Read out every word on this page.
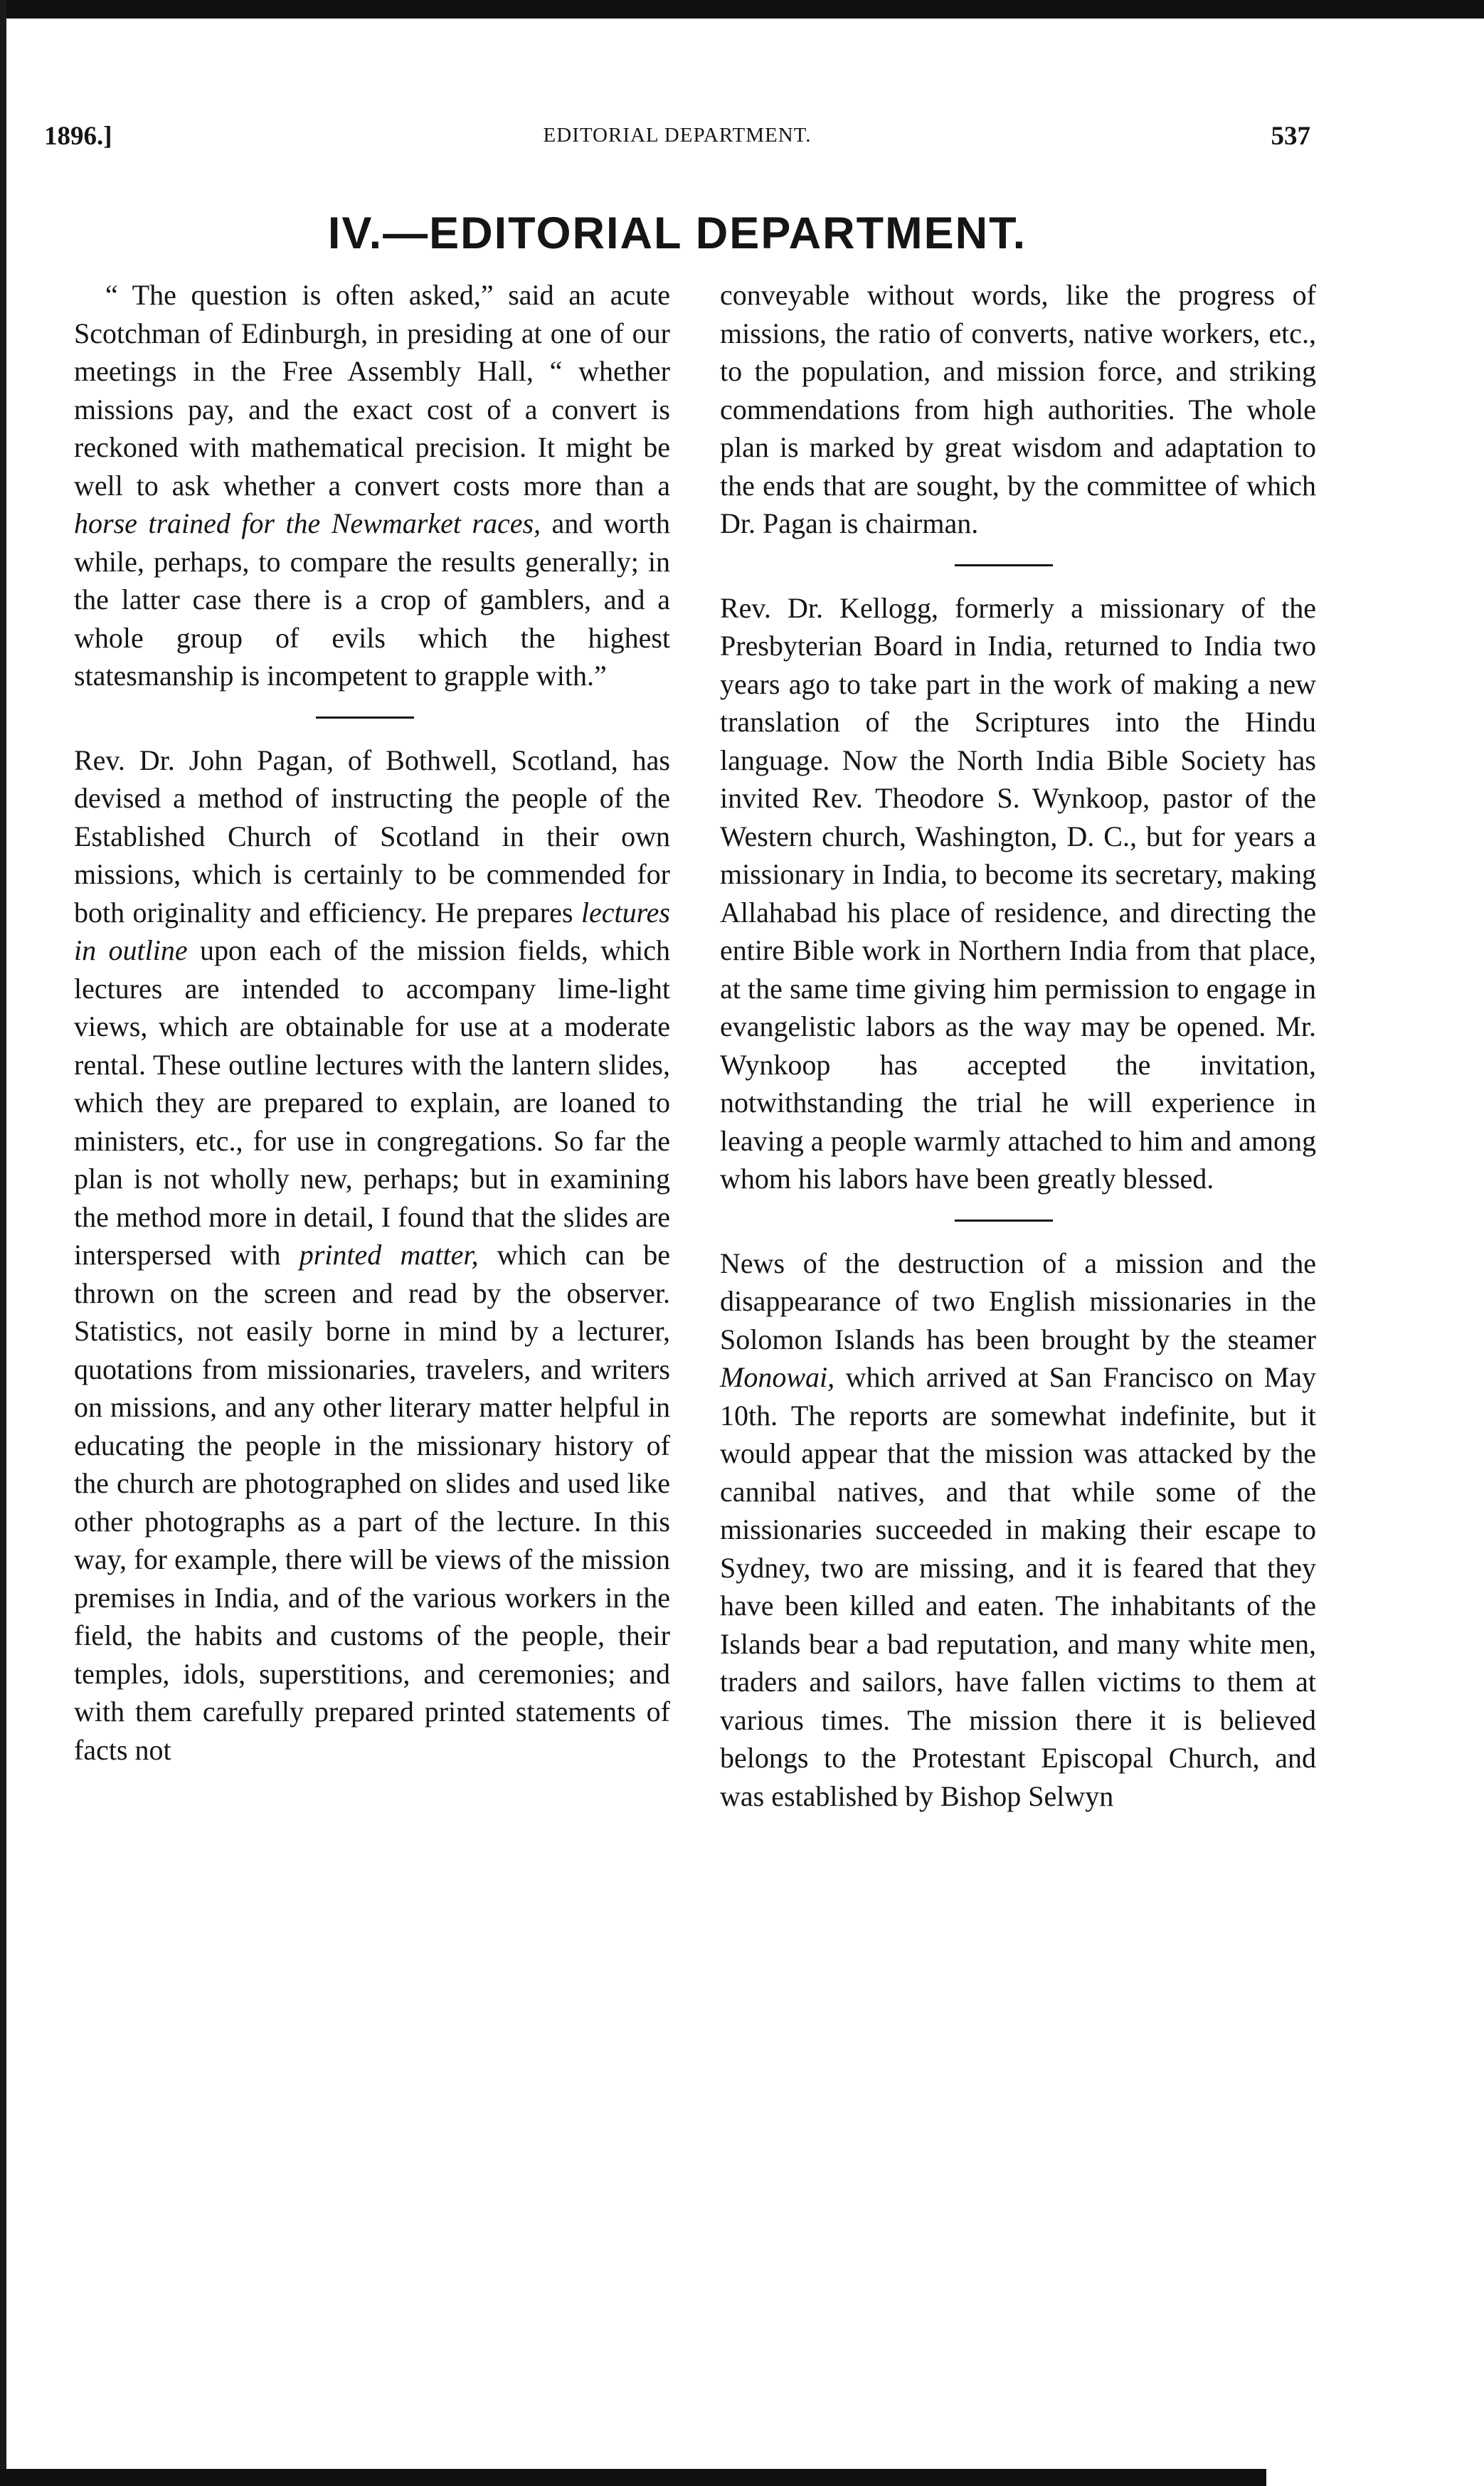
1896.]	EDITORIAL DEPARTMENT.	537
IV.—EDITORIAL DEPARTMENT.

“ The question is often asked,” said an acute Scotchman of Edinburgh, in presiding at one of our meetings in the Free Assembly Hall, “ whether missions pay, and the exact cost of a convert is reckoned with mathematical precision. It might be well to ask whether a convert costs more than a horse trained for the Newmarket races, and worth while, perhaps, to compare the results generally; in the latter case there is a crop of gamblers, and a whole group of evils which the highest statesmanship is incompetent to grapple with.”

Rev. Dr. John Pagan, of Bothwell, Scotland, has devised a method of instructing the people of the Established Church of Scotland in their own missions, which is certainly to be commended for both originality and efficiency. He prepares lectures in outline upon each of the mission fields, which lectures are intended to accompany lime-light views, which are obtainable for use at a moderate rental. These outline lectures with the lantern slides, which they are prepared to explain, are loaned to ministers, etc., for use in congregations. So far the plan is not wholly new, perhaps; but in examining the method more in detail, I found that the slides are interspersed with printed matter, which can be thrown on the screen and read by the observer. Statistics, not easily borne in mind by a lecturer, quotations from missionaries, travelers, and writers on missions, and any other literary matter helpful in educating the people in the missionary history of the church are photographed on slides and used like other photographs as a part of the lecture. In this way, for example, there will be views of the mission premises in India, and of the various workers in the field, the habits and customs of the people, their temples, idols, superstitions, and ceremonies; and with them carefully prepared printed statements of facts not

conveyable without words, like the progress of missions, the ratio of converts, native workers, etc., to the population, and mission force, and striking commendations from high authorities. The whole plan is marked by great wisdom and adaptation to the ends that are sought, by the committee of which Dr. Pagan is chairman.

Rev. Dr. Kellogg, formerly a missionary of the Presbyterian Board in India, returned to India two years ago to take part in the work of making a new translation of the Scriptures into the Hindu language. Now the North India Bible Society has invited Rev. Theodore S. Wynkoop, pastor of the Western church, Washington, D. C., but for years a missionary in India, to become its secretary, making Allahabad his place of residence, and directing the entire Bible work in Northern India from that place, at the same time giving him permission to engage in evangelistic labors as the way may be opened. Mr. Wynkoop has accepted the invitation, notwithstanding the trial he will experience in leaving a people warmly attached to him and among whom his labors have been greatly blessed.

News of the destruction of a mission and the disappearance of two English missionaries in the Solomon Islands has been brought by the steamer Monowai, which arrived at San Francisco on May 10th. The reports are somewhat indefinite, but it would appear that the mission was attacked by the cannibal natives, and that while some of the missionaries succeeded in making their escape to Sydney, two are missing, and it is feared that they have been killed and eaten. The inhabitants of the Islands bear a bad reputation, and many white men, traders and sailors, have fallen victims to them at various times. The mission there it is believed belongs to the Protestant Episcopal Church, and was established by Bishop Selwyn
